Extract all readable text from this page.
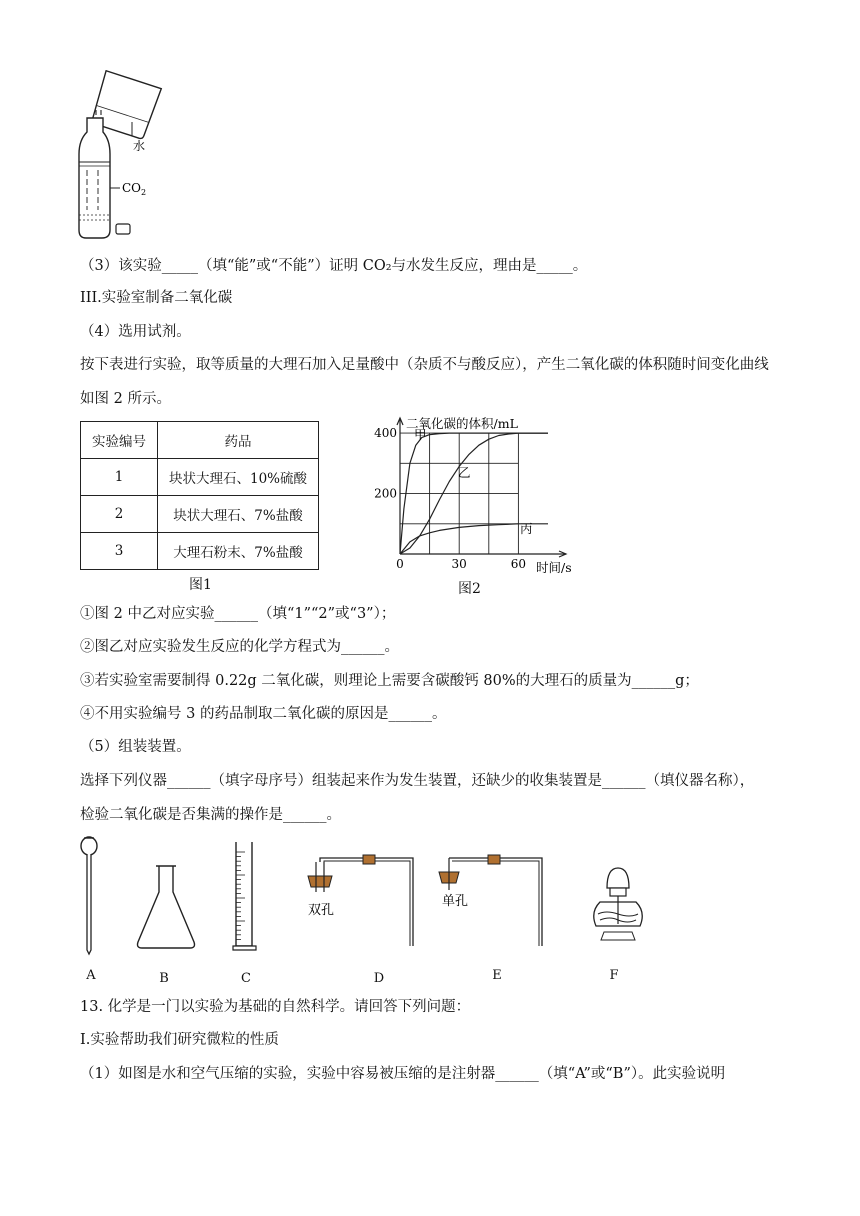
水
$CO_2$
（3）该实验_____（填“能”或“不能”）证明 CO₂与水发生反应，理由是_____。
III.实验室制备二氧化碳
（4）选用试剂。
按下表进行实验，取等质量的大理石加入足量酸中（杂质不与酸反应），产生二氧化碳的体积随时间变化曲线
如图 2 所示。
实验编号	药品
1	块状大理石、10%硫酸
2	块状大理石、7%盐酸
3	大理石粉末、7%盐酸
图1
0	30	60
200
400
二氧化碳的体积/mL
时间/s
甲
乙
丙
图2
①图 2 中乙对应实验______（填“1”“2”或“3”）；
②图乙对应实验发生反应的化学方程式为______。
③若实验室需要制得 0.22g 二氧化碳，则理论上需要含碳酸钙 80%的大理石的质量为______g；
④不用实验编号 3 的药品制取二氧化碳的原因是______。
（5）组装装置。
选择下列仪器______（填字母序号）组装起来作为发生装置，还缺少的收集装置是______（填仪器名称），
检验二氧化碳是否集满的操作是______。
双孔
单孔
A	B	C	D	E	F
13. 化学是一门以实验为基础的自然科学。请回答下列问题：
Ⅰ.实验帮助我们研究微粒的性质
（1）如图是水和空气压缩的实验，实验中容易被压缩的是注射器______（填“A”或“B”）。此实验说明
